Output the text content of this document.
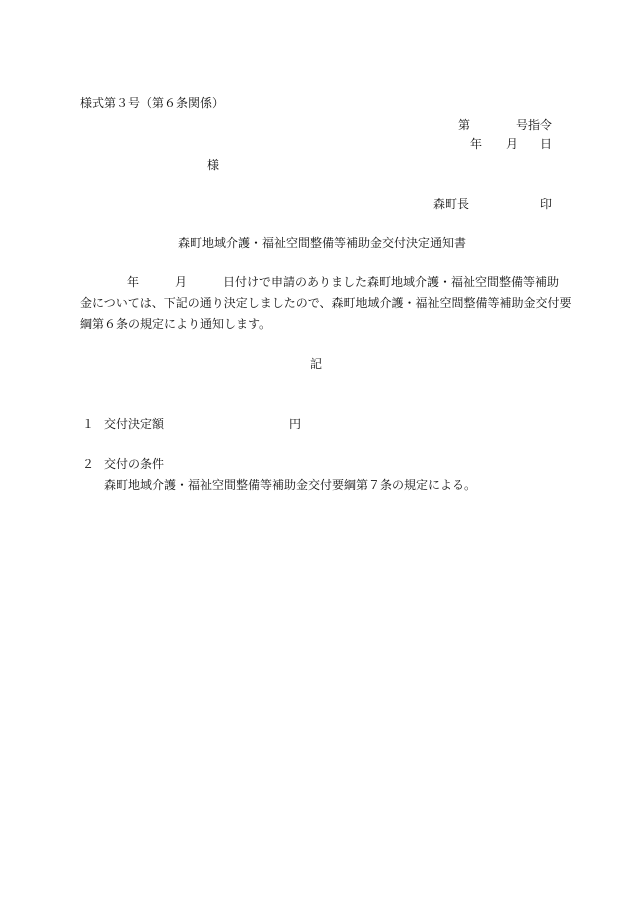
様式第３号（第６条関係）

第	号指令

年 月 日

様

森町長	印

森町地域介護・福祉空間整備等補助金交付決定通知書

年	月	日付けで申請のありました森町地域介護・福祉空間整備等補助

金については、下記の通り決定しましたので、森町地域介護・福祉空間整備等補助金交付要

綱第６条の規定により通知します。

記

１ 交付決定額	円

２ 交付の条件

森町地域介護・福祉空間整備等補助金交付要綱第７条の規定による。
